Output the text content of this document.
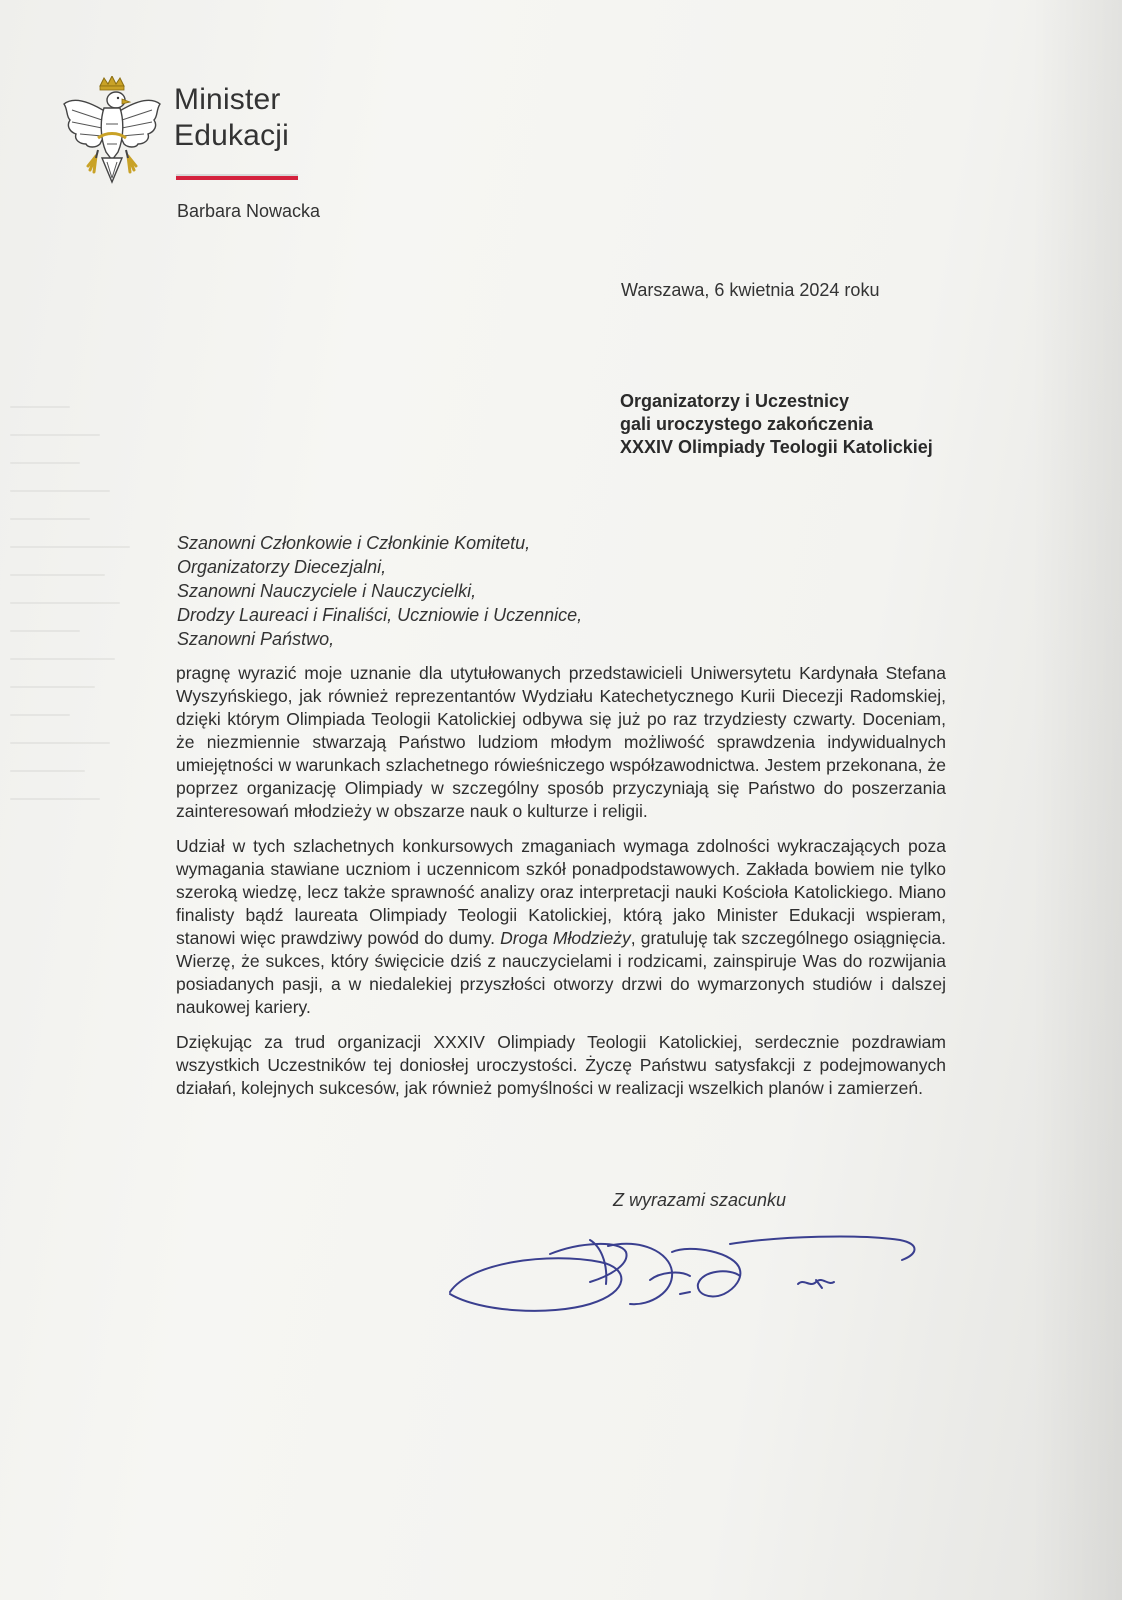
Minister
Edukacji
Barbara Nowacka
Warszawa, 6 kwietnia 2024 roku
Organizatorzy i Uczestnicy
gali uroczystego zakończenia
XXXIV Olimpiady Teologii Katolickiej
Szanowni Członkowie i Członkinie Komitetu,
Organizatorzy Diecezjalni,
Szanowni Nauczyciele i Nauczycielki,
Drodzy Laureaci i Finaliści, Uczniowie i Uczennice,
Szanowni Państwo,

pragnę wyrazić moje uznanie dla utytułowanych przedstawicieli Uniwersytetu Kardynała Stefana Wyszyńskiego, jak również reprezentantów Wydziału Katechetycznego Kurii Diecezji Radomskiej, dzięki którym Olimpiada Teologii Katolickiej odbywa się już po raz trzydziesty czwarty. Doceniam, że niezmiennie stwarzają Państwo ludziom młodym możliwość sprawdzenia indywidualnych umiejętności w warunkach szlachetnego rówieśniczego współzawodnictwa. Jestem przekonana, że poprzez organizację Olimpiady w szczególny sposób przyczyniają się Państwo do poszerzania zainteresowań młodzieży w obszarze nauk o kulturze i religii.

Udział w tych szlachetnych konkursowych zmaganiach wymaga zdolności wykraczających poza wymagania stawiane uczniom i uczennicom szkół ponadpodstawowych. Zakłada bowiem nie tylko szeroką wiedzę, lecz także sprawność analizy oraz interpretacji nauki Kościoła Katolickiego. Miano finalisty bądź laureata Olimpiady Teologii Katolickiej, którą jako Minister Edukacji wspieram, stanowi więc prawdziwy powód do dumy. Droga Młodzieży, gratuluję tak szczególnego osiągnięcia. Wierzę, że sukces, który święcicie dziś z nauczycielami i rodzicami, zainspiruje Was do rozwijania posiadanych pasji, a w niedalekiej przyszłości otworzy drzwi do wymarzonych studiów i dalszej naukowej kariery.

Dziękując za trud organizacji XXXIV Olimpiady Teologii Katolickiej, serdecznie pozdrawiam wszystkich Uczestników tej doniosłej uroczystości. Życzę Państwu satysfakcji z podejmowanych działań, kolejnych sukcesów, jak również pomyślności w realizacji wszelkich planów i zamierzeń.

Z wyrazami szacunku
